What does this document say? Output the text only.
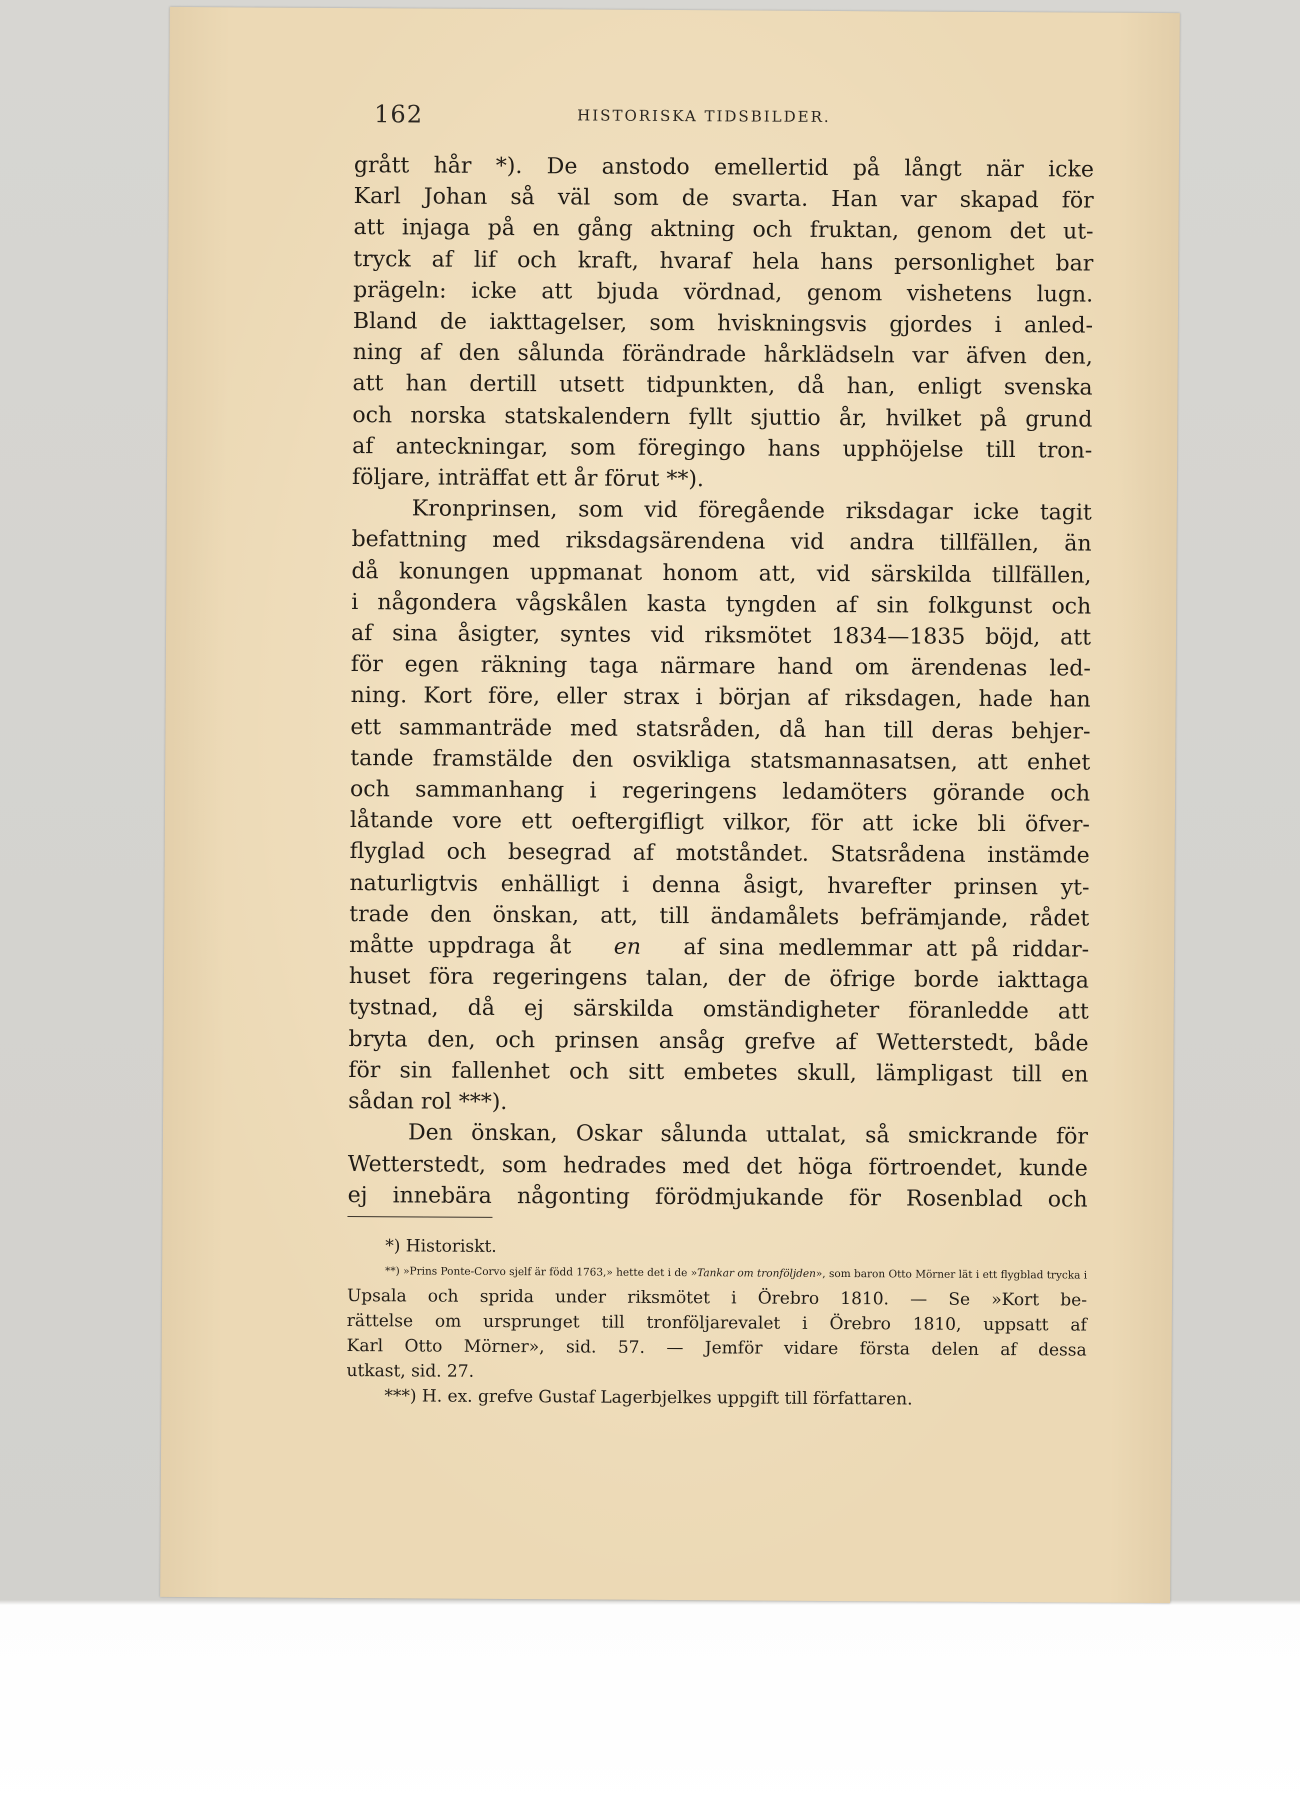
162	HISTORISKA TIDSBILDER.

grått hår *). De anstodo emellertid på långt när icke
Karl Johan så väl som de svarta. Han var skapad för
att injaga på en gång aktning och fruktan, genom det ut-
tryck af lif och kraft, hvaraf hela hans personlighet bar
prägeln: icke att bjuda vördnad, genom vishetens lugn.
Bland de iakttagelser, som hviskningsvis gjordes i anled-
ning af den sålunda förändrade hårklädseln var äfven den,
att han dertill utsett tidpunkten, då han, enligt svenska
och norska statskalendern fyllt sjuttio år, hvilket på grund
af anteckningar, som föregingo hans upphöjelse till tron-
följare, inträffat ett år förut **).

Kronprinsen, som vid föregående riksdagar icke tagit
befattning med riksdagsärendena vid andra tillfällen, än
då konungen uppmanat honom att, vid särskilda tillfällen,
i någondera vågskålen kasta tyngden af sin folkgunst och
af sina åsigter, syntes vid riksmötet 1834—1835 böjd, att
för egen räkning taga närmare hand om ärendenas led-
ning. Kort före, eller strax i början af riksdagen, hade han
ett sammanträde med statsråden, då han till deras behjer-
tande framstälde den osvikliga statsmannasatsen, att enhet
och sammanhang i regeringens ledamöters görande och
låtande vore ett oeftergifligt vilkor, för att icke bli öfver-
flyglad och besegrad af motståndet. Statsrådena instämde
naturligtvis enhälligt i denna åsigt, hvarefter prinsen yt-
trade den önskan, att, till ändamålets befrämjande, rådet
måtte uppdraga åt en af sina medlemmar att på riddar-
huset föra regeringens talan, der de öfrige borde iakttaga
tystnad, då ej särskilda omständigheter föranledde att
bryta den, och prinsen ansåg grefve af Wetterstedt, både
för sin fallenhet och sitt embetes skull, lämpligast till en
sådan rol ***).

Den önskan, Oskar sålunda uttalat, så smickrande för
Wetterstedt, som hedrades med det höga förtroendet, kunde
ej innebära någonting förödmjukande för Rosenblad och

*) Historiskt.
**) »Prins Ponte-Corvo sjelf är född 1763,» hette det i de »Tankar om tronföljden», som baron Otto Mörner lät i ett flygblad trycka i
Upsala och sprida under riksmötet i Örebro 1810. — Se »Kort be-
rättelse om ursprunget till tronföljarevalet i Örebro 1810, uppsatt af
Karl Otto Mörner», sid. 57. — Jemför vidare första delen af dessa
utkast, sid. 27.
***) H. ex. grefve Gustaf Lagerbjelkes uppgift till författaren.
